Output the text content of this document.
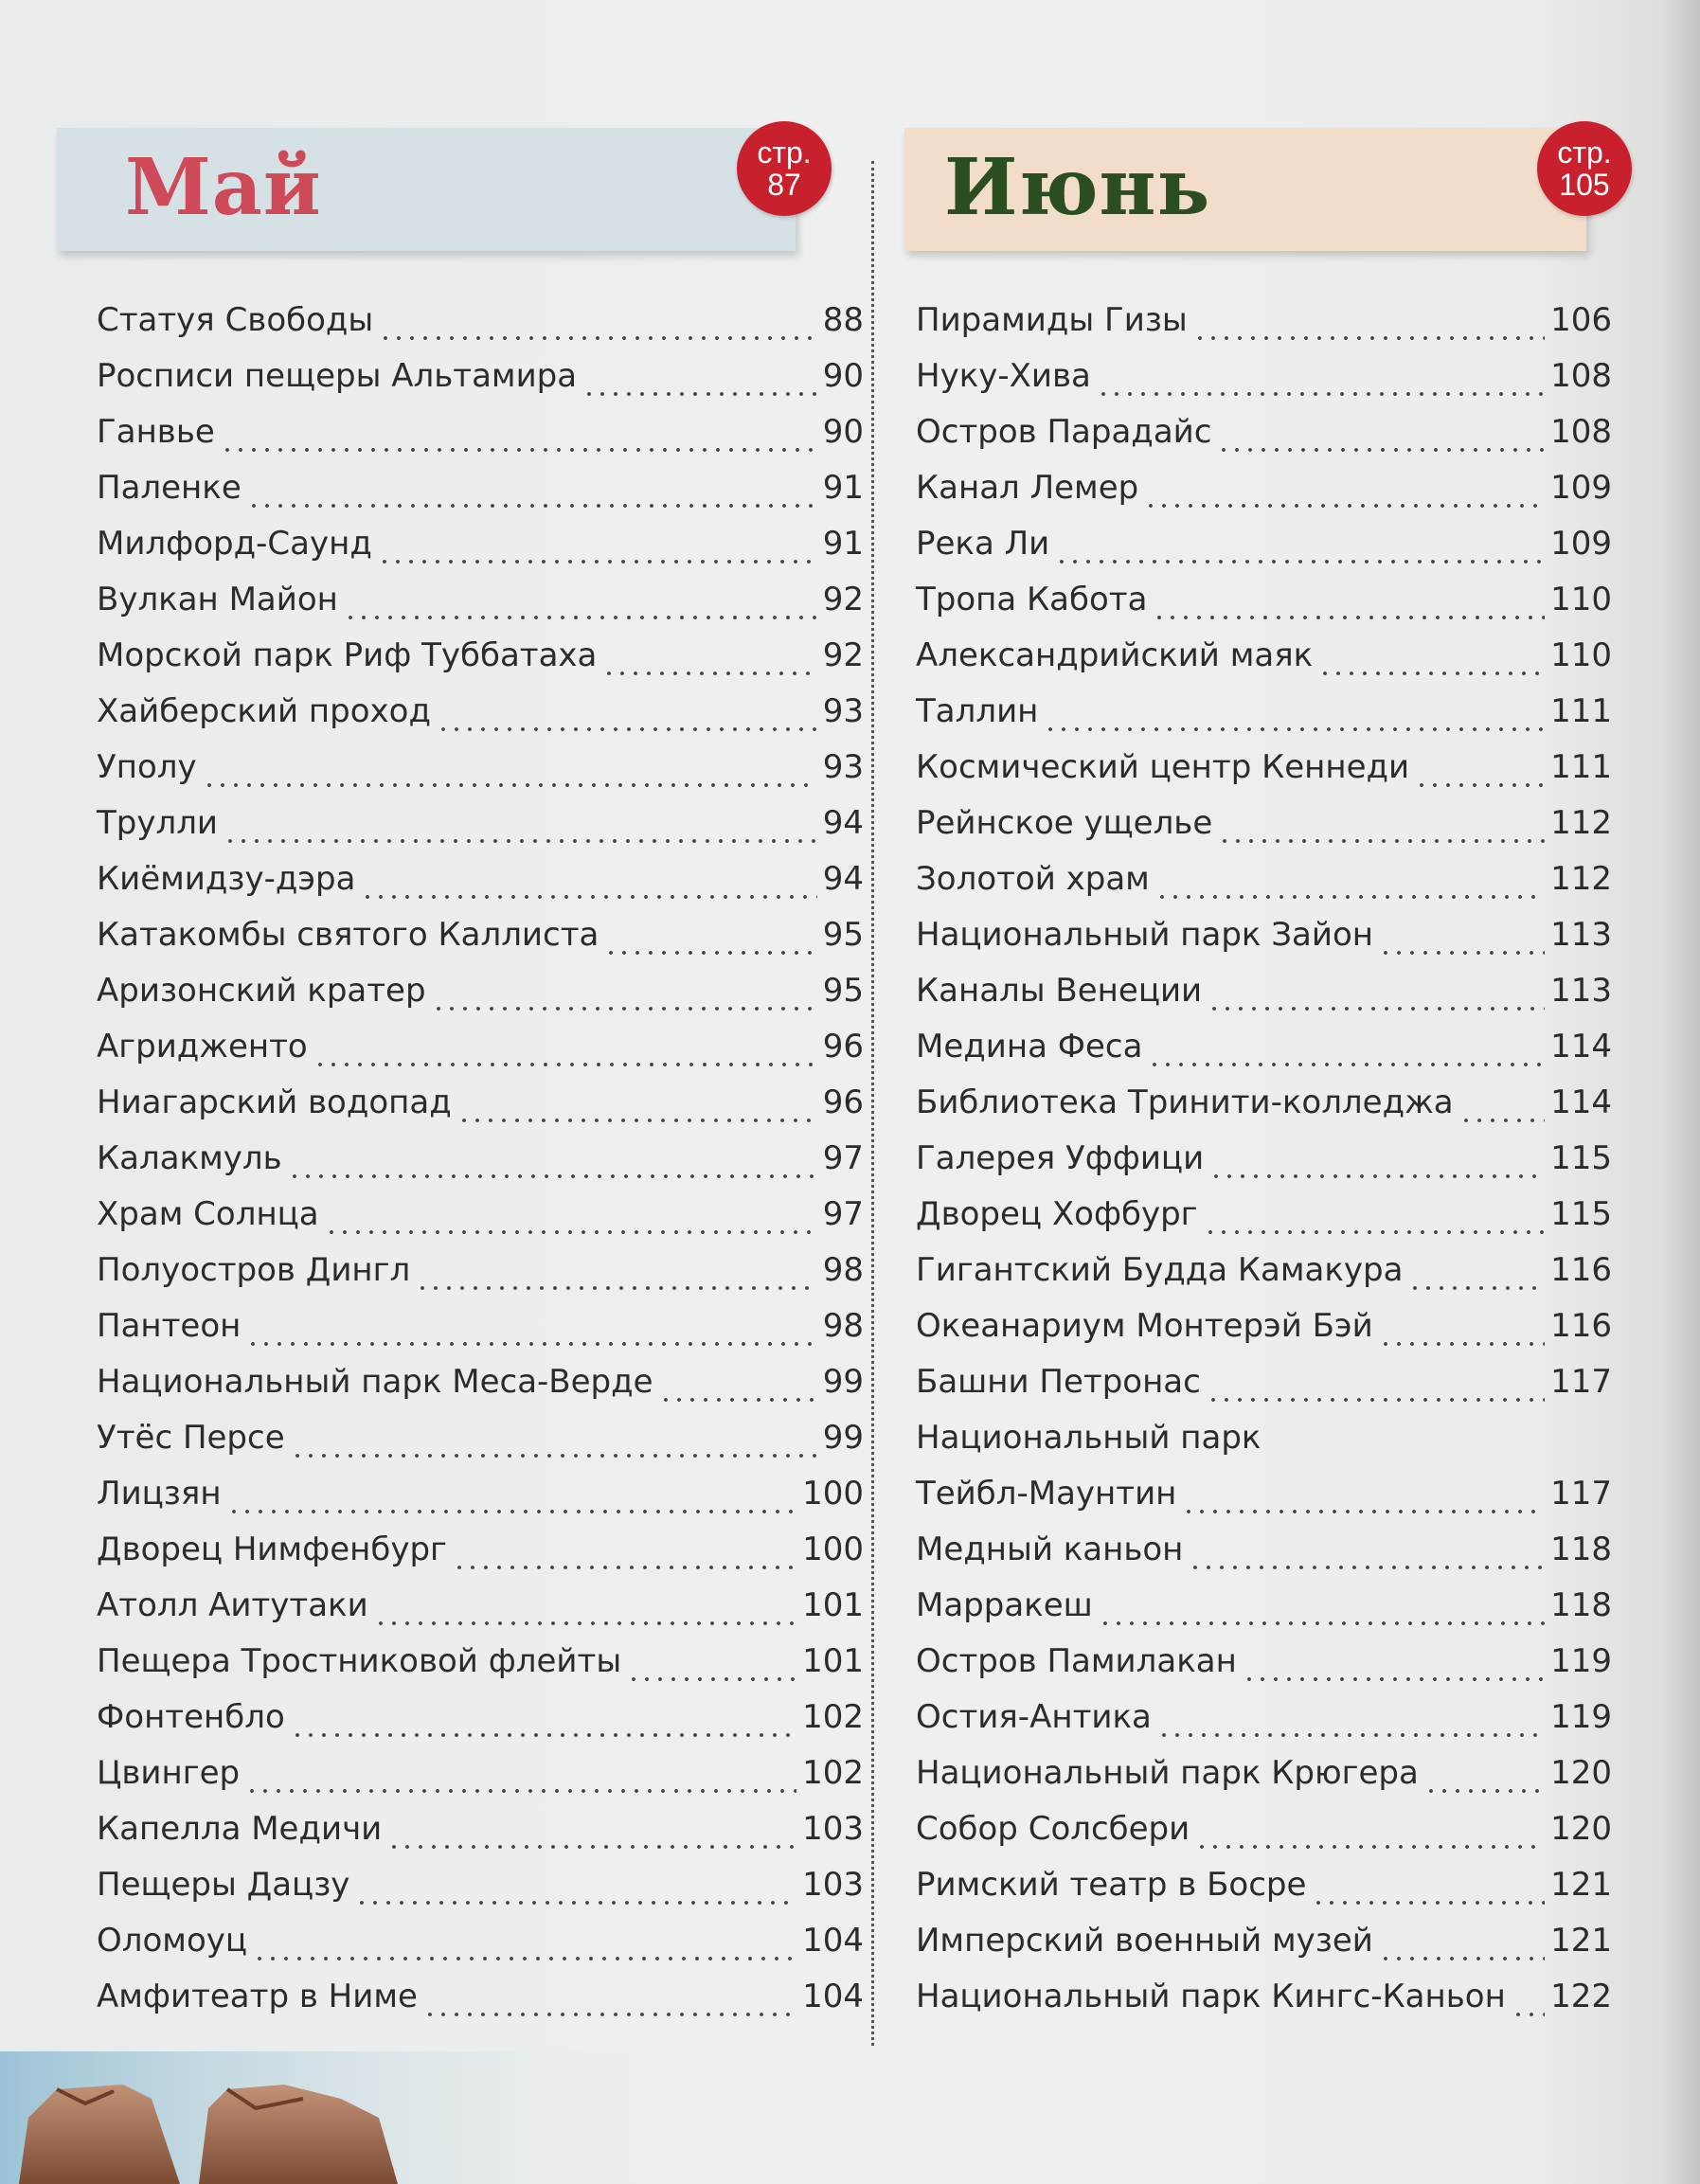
Май	стр.
87
Статуя Свободы	88
Росписи пещеры Альтамира	90
Ганвье	90
Паленке	91
Милфорд-Саунд	91
Вулкан Майон	92
Морской парк Риф Туббатаха	92
Хайберский проход	93
Уполу	93
Трулли	94
Киёмидзу-дэра	94
Катакомбы святого Каллиста	95
Аризонский кратер	95
Агридженто	96
Ниагарский водопад	96
Калакмуль	97
Храм Солнца	97
Полуостров Дингл	98
Пантеон	98
Национальный парк Меса-Верде	99
Утёс Персе	99
Лицзян	100
Дворец Нимфенбург	100
Атолл Аитутаки	101
Пещера Тростниковой флейты	101
Фонтенбло	102
Цвингер	102
Капелла Медичи	103
Пещеры Дацзу	103
Оломоуц	104
Амфитеатр в Ниме	104
Июнь	стр.
105
Пирамиды Гизы	106
Нуку-Хива	108
Остров Парадайс	108
Канал Лемер	109
Река Ли	109
Тропа Кабота	110
Александрийский маяк	110
Таллин	111
Космический центр Кеннеди	111
Рейнское ущелье	112
Золотой храм	112
Национальный парк Зайон	113
Каналы Венеции	113
Медина Феса	114
Библиотека Тринити-колледжа	114
Галерея Уффици	115
Дворец Хофбург	115
Гигантский Будда Камакура	116
Океанариум Монтерэй Бэй	116
Башни Петронас	117
Национальный парк
Тейбл-Маунтин	117
Медный каньон	118
Марракеш	118
Остров Памилакан	119
Остия-Антика	119
Национальный парк Крюгера	120
Собор Солсбери	120
Римский театр в Босре	121
Имперский военный музей	121
Национальный парк Кингс-Каньон 122
